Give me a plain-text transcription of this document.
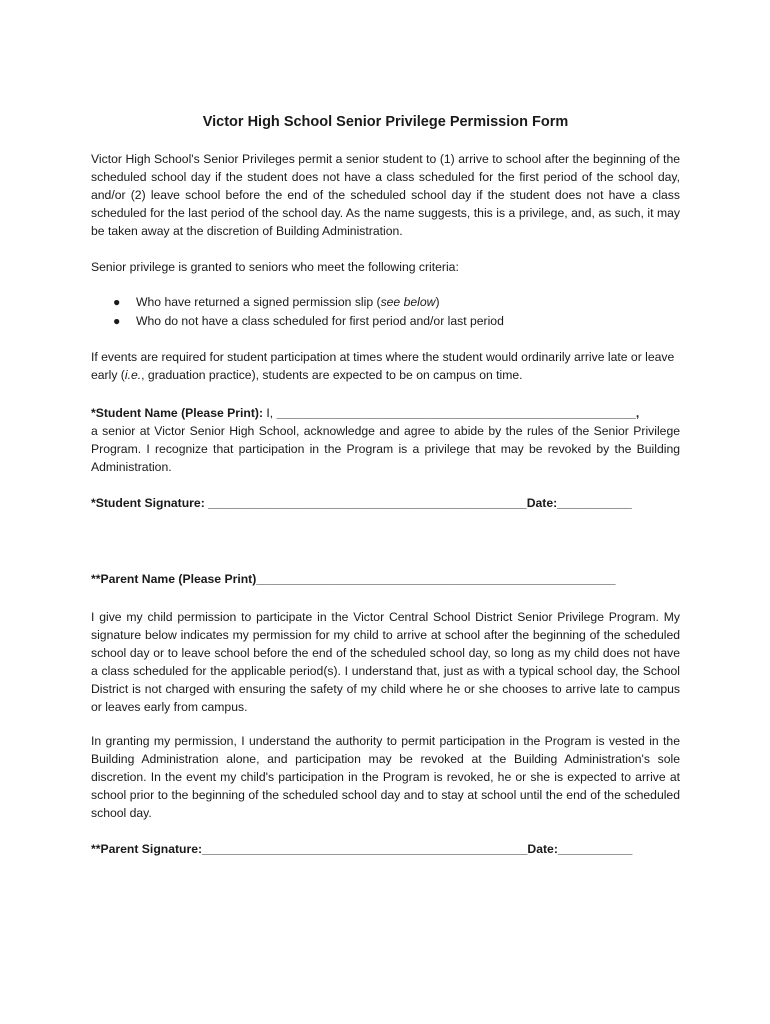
Victor High School Senior Privilege Permission Form
Victor High School's Senior Privileges permit a senior student to (1) arrive to school after the beginning of the scheduled school day if the student does not have a class scheduled for the first period of the school day, and/or (2) leave school before the end of the scheduled school day if the student does not have a class scheduled for the last period of the school day. As the name suggests, this is a privilege, and, as such, it may be taken away at the discretion of Building Administration.
Senior privilege is granted to seniors who meet the following criteria:
● Who have returned a signed permission slip (see below)
● Who do not have a class scheduled for first period and/or last period
If events are required for student participation at times where the student would ordinarily arrive late or leave early (i.e., graduation practice), students are expected to be on campus on time.
*Student Name (Please Print): I, _____________________________________________________,
a senior at Victor Senior High School, acknowledge and agree to abide by the rules of the Senior Privilege Program. I recognize that participation in the Program is a privilege that may be revoked by the Building Administration.
*Student Signature: _______________________________________________Date:___________
**Parent Name (Please Print)_____________________________________________________
I give my child permission to participate in the Victor Central School District Senior Privilege Program. My signature below indicates my permission for my child to arrive at school after the beginning of the scheduled school day or to leave school before the end of the scheduled school day, so long as my child does not have a class scheduled for the applicable period(s). I understand that, just as with a typical school day, the School District is not charged with ensuring the safety of my child where he or she chooses to arrive late to campus or leaves early from campus.
In granting my permission, I understand the authority to permit participation in the Program is vested in the Building Administration alone, and participation may be revoked at the Building Administration's sole discretion. In the event my child's participation in the Program is revoked, he or she is expected to arrive at school prior to the beginning of the scheduled school day and to stay at school until the end of the scheduled school day.
**Parent Signature:________________________________________________Date:___________
